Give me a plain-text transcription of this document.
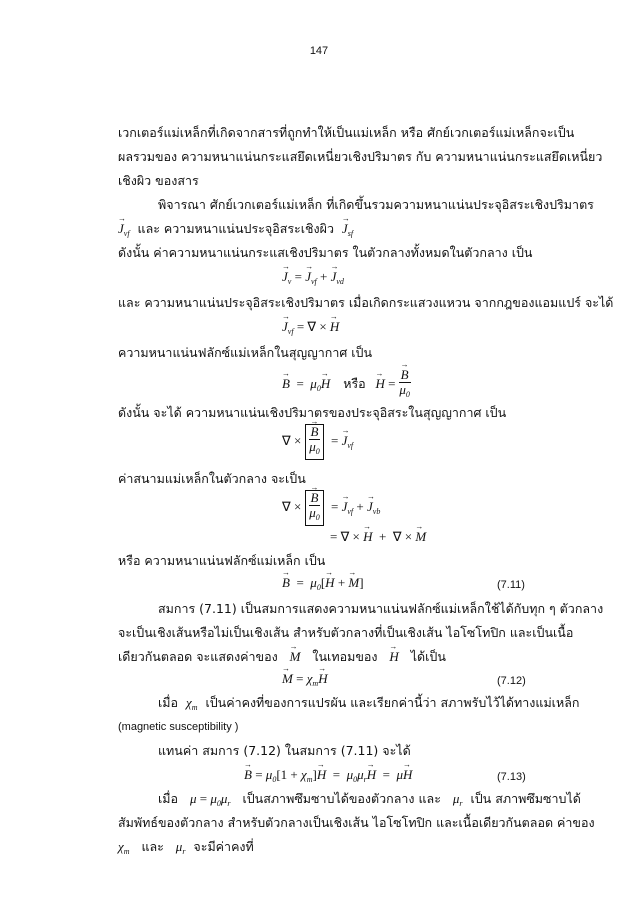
147
เวกเตอร์แม่เหล็กที่เกิดจากสารที่ถูกทำให้เป็นแม่เหล็ก หรือ ศักย์เวกเตอร์แม่เหล็กจะเป็น
ผลรวมของ ความหนาแน่นกระแสยึดเหนี่ยวเชิงปริมาตร กับ ความหนาแน่นกระแสยึดเหนี่ยว
เชิงผิว ของสาร
พิจารณา ศักย์เวกเตอร์แม่เหล็ก ที่เกิดขึ้นรวมความหนาแน่นประจุอิสระเชิงปริมาตร
→ $J_{vf}$ และ ความหนาแน่นประจุอิสระเชิงผิว → $J_{sf}$
ดังนั้น ค่าความหนาแน่นกระแสเชิงปริมาตร ในตัวกลางทั้งหมดในตัวกลาง เป็น
→ $J_v$ = → $J_{vf}$ + → $J_{vd}$
และ ความหนาแน่นประจุอิสระเชิงปริมาตร เมื่อเกิดกระแสวงแหวน จากกฎของแอมแปร์ จะได้
→ $J_{vf}$ = ∇ × → H
ความหนาแน่นฟลักซ์แม่เหล็กในสุญญากาศ เป็น
→ $B = \mu_0\to H$ หรือ → H = → $\frac{B}{\mu_0}$
ดังนั้น จะได้ ความหนาแน่นเชิงปริมาตรของประจุอิสระในสุญญากาศ เป็น
∇ × → $\frac{B}{\mu_0}$ = → $J_{vf}$
ค่าสนามแม่เหล็กในตัวกลาง จะเป็น
∇ × → $\frac{B}{\mu_0}$ = → $J_{vf}$ + → $J_{vb}$
= ∇ × → H + ∇ × → M
หรือ ความหนาแน่นฟลักซ์แม่เหล็ก เป็น
→ $B = \mu_0[\to H$ + → M]	(7.11)
สมการ (7.11) เป็นสมการแสดงความหนาแน่นฟลักซ์แม่เหล็กใช้ได้กับทุก ๆ ตัวกลาง
จะเป็นเชิงเส้นหรือไม่เป็นเชิงเส้น สำหรับตัวกลางที่เป็นเชิงเส้น ไอโซโทปิก และเป็นเนื้อ
เดียวกันตลอด จะแสดงค่าของ → M ในเทอมของ → H ได้เป็น
→ $M = \chi_m\to H$	(7.12)
เมื่อ $\chi_m$ เป็นค่าคงที่ของการแปรผัน และเรียกค่านี้ว่า สภาพรับไว้ได้ทางแม่เหล็ก
(magnetic susceptibility )
แทนค่า สมการ (7.12) ในสมการ (7.11) จะได้
→ $B = \mu_0[1 + \chi_m]\to H = \mu_0\mu_r\to H = \mu\to H$	(7.13)
เมื่อ $\mu = \mu_0\mu_r$ เป็นสภาพซึมซาบได้ของตัวกลาง และ $\mu_r$ เป็น สภาพซึมซาบได้
สัมพัทธ์ของตัวกลาง สำหรับตัวกลางเป็นเชิงเส้น ไอโซโทปิก และเนื้อเดียวกันตลอด ค่าของ
$\chi_m$ และ $\mu_r$ จะมีค่าคงที่
